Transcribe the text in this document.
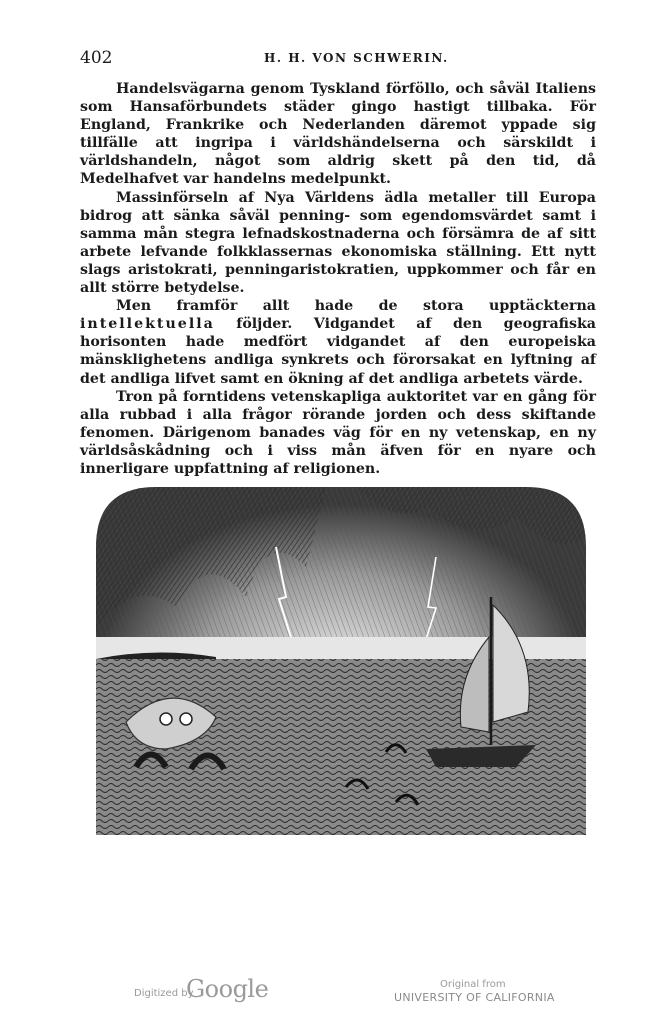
402	H. H. VON SCHWERIN.

Handelsvägarna genom Tyskland förföllo, och såväl Italiens som Hansaförbundets städer gingo hastigt tillbaka. För England, Frankrike och Nederlanden däremot yppade sig tillfälle att ingripa i världshändelserna och särskildt i världshandeln, något som aldrig skett på den tid, då Medelhafvet var handelns medelpunkt.

Massinförseln af Nya Världens ädla metaller till Europa bidrog att sänka såväl penning- som egendomsvärdet samt i samma mån stegra lefnadskostnaderna och försämra de af sitt arbete lefvande folkklassernas ekonomiska ställning. Ett nytt slags aristokrati, penningaristokratien, uppkommer och får en allt större betydelse.

Men framför allt hade de stora upptäckterna intellektuella följder. Vidgandet af den geografiska horisonten hade medfört vidgandet af den europeiska mänsklighetens andliga synkrets och förorsakat en lyftning af det andliga lifvet samt en ökning af det andliga arbetets värde.

Tron på forntidens vetenskapliga auktoritet var en gång för alla rubbad i alla frågor rörande jorden och dess skiftande fenomen. Därigenom banades väg för en ny vetenskap, en ny världsåskådning och i viss mån äfven för en nyare och innerligare uppfattning af religionen.

Digitized by
Google	Original from
UNIVERSITY OF CALIFORNIA
